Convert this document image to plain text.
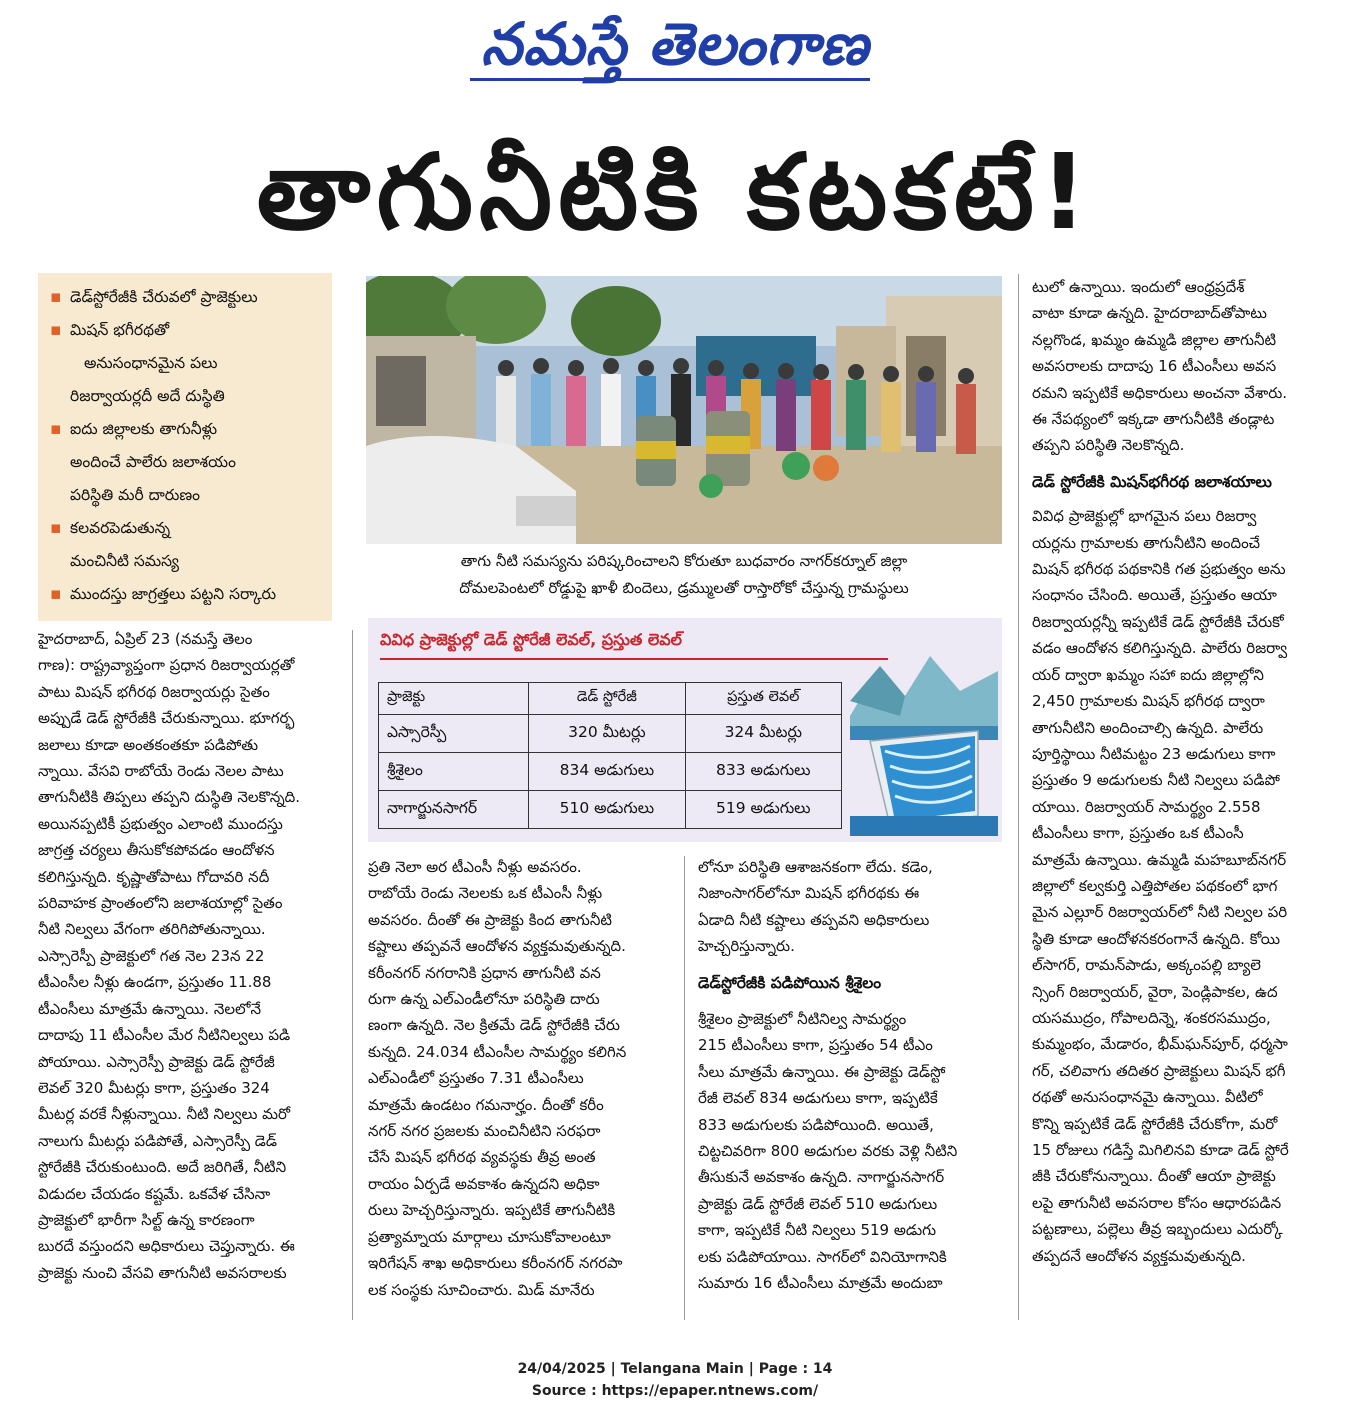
నమస్తే తెలంగాణ
తాగునీటికి కటకటే!
▪ డెడ్‌స్టోరేజీకి చేరువలో ప్రాజెక్టులు
▪ మిషన్‌ భగీరథతో
అనుసంధానమైన పలు
రిజర్వాయర్లదీ అదే దుస్థితి
▪ ఐదు జిల్లాలకు తాగునీళ్లు
అందించే పాలేరు జలాశయం
పరిస్థితి మరీ దారుణం
▪ కలవరపెడుతున్న
మంచినీటి సమస్య
▪ ముందస్తు జాగ్రత్తలు పట్టని సర్కారు
తాగు నీటి సమస్యను పరిష్కరించాలని కోరుతూ బుధవారం నాగర్‌కర్నూల్‌ జిల్లా
దోమలపెంటలో రోడ్డుపై ఖాళీ బిందెలు, డ్రమ్ములతో రాస్తారోకో చేస్తున్న గ్రామస్థులు
వివిధ ప్రాజెక్టుల్లో డెడ్‌ స్టోరేజీ లెవల్‌, ప్రస్తుత లెవల్‌
ప్రాజెక్టు	డెడ్‌ స్టోరేజీ	ప్రస్తుత లెవల్‌
ఎస్సారెస్పీ	320 మీటర్లు	324 మీటర్లు
శ్రీశైలం	834 అడుగులు	833 అడుగులు
నాగార్జునసాగర్‌	510 అడుగులు	519 అడుగులు
హైదరాబాద్‌, ఏప్రిల్‌ 23 (నమస్తే తెలం
గాణ): రాష్ట్రవ్యాప్తంగా ప్రధాన రిజర్వాయర్లతో
పాటు మిషన్‌ భగీరథ రిజర్వాయర్లు సైతం
అప్పుడే డెడ్‌ స్టోరేజీకి చేరుకున్నాయి. భూగర్భ
జలాలు కూడా అంతకంతకూ పడిపోతు
న్నాయి. వేసవి రాబోయే రెండు నెలల పాటు
తాగునీటికి తిప్పలు తప్పని దుస్థితి నెలకొన్నది.
అయినప్పటికీ ప్రభుత్వం ఎలాంటి ముందస్తు
జాగ్రత్త చర్యలు తీసుకోకపోవడం ఆందోళన
కలిగిస్తున్నది. కృష్ణాతోపాటు గోదావరి నదీ
పరివాహక ప్రాంతంలోని జలాశయాల్లో సైతం
నీటి నిల్వలు వేగంగా తరిగిపోతున్నాయి.
ఎస్సారెస్పీ ప్రాజెక్టులో గత నెల 23న 22
టీఎంసీల నీళ్లు ఉండగా, ప్రస్తుతం 11.88
టీఎంసీలు మాత్రమే ఉన్నాయి. నెలలోనే
దాదాపు 11 టీఎంసీల మేర నీటినిల్వలు పడి
పోయాయి. ఎస్సారెస్పీ ప్రాజెక్టు డెడ్‌ స్టోరేజీ
లెవల్‌ 320 మీటర్లు కాగా, ప్రస్తుతం 324
మీటర్ల వరకే నీళ్లున్నాయి. నీటి నిల్వలు మరో
నాలుగు మీటర్లు పడిపోతే, ఎస్సారెస్పీ డెడ్‌
స్టోరేజీకి చేరుకుంటుంది. అదే జరిగితే, నీటిని
విడుదల చేయడం కష్టమే. ఒకవేళ చేసినా
ప్రాజెక్టులో భారీగా సిల్ట్‌ ఉన్న కారణంగా
బురదే వస్తుందని అధికారులు చెప్తున్నారు. ఈ
ప్రాజెక్టు నుంచి వేసవి తాగునీటి అవసరాలకు
ప్రతి నెలా అర టీఎంసీ నీళ్లు అవసరం.
రాబోయే రెండు నెలలకు ఒక టీఎంసీ నీళ్లు
అవసరం. దీంతో ఈ ప్రాజెక్టు కింద తాగునీటి
కష్టాలు తప్పవనే ఆందోళన వ్యక్తమవుతున్నది.
కరీంనగర్‌ నగరానికి ప్రధాన తాగునీటి వన
రుగా ఉన్న ఎల్‌ఎండీలోనూ పరిస్థితి దారు
ణంగా ఉన్నది. నెల క్రితమే డెడ్‌ స్టోరేజీకి చేరు
కున్నది. 24.034 టీఎంసీల సామర్థ్యం కలిగిన
ఎల్‌ఎండీలో ప్రస్తుతం 7.31 టీఎంసీలు
మాత్రమే ఉండటం గమనార్హం. దీంతో కరీం
నగర్‌ నగర ప్రజలకు మంచినీటిని సరఫరా
చేసే మిషన్‌ భగీరథ వ్యవస్థకు తీవ్ర అంత
రాయం ఏర్పడే అవకాశం ఉన్నదని అధికా
రులు హెచ్చరిస్తున్నారు. ఇప్పటికే తాగునీటికి
ప్రత్యామ్నాయ మార్గాలు చూసుకోవాలంటూ
ఇరిగేషన్‌ శాఖ అధికారులు కరీంనగర్‌ నగరపా
లక సంస్థకు సూచించారు. మిడ్‌ మానేరు
లోనూ పరిస్థితి ఆశాజనకంగా లేదు. కడెం,
నిజాంసాగర్‌లోనూ మిషన్‌ భగీరథకు ఈ
ఏడాది నీటి కష్టాలు తప్పవని అధికారులు
హెచ్చరిస్తున్నారు.
డెడ్‌స్టోరేజీకి పడిపోయిన శ్రీశైలం
శ్రీశైలం ప్రాజెక్టులో నీటినిల్వ సామర్థ్యం
215 టీఎంసీలు కాగా, ప్రస్తుతం 54 టీఎం
సీలు మాత్రమే ఉన్నాయి. ఈ ప్రాజెక్టు డెడ్‌స్టో
రేజీ లెవల్‌ 834 అడుగులు కాగా, ఇప్పటికే
833 అడుగులకు పడిపోయింది. అయితే,
చిట్టచివరిగా 800 అడుగుల వరకు వెళ్లి నీటిని
తీసుకునే అవకాశం ఉన్నది. నాగార్జునసాగర్‌
ప్రాజెక్టు డెడ్‌ స్టోరేజీ లెవల్‌ 510 అడుగులు
కాగా, ఇప్పటికే నీటి నిల్వలు 519 అడుగు
లకు పడిపోయాయి. సాగర్‌లో వినియోగానికి
సుమారు 16 టీఎంసీలు మాత్రమే అందుబా
టులో ఉన్నాయి. ఇందులో ఆంధ్రప్రదేశ్‌
వాటా కూడా ఉన్నది. హైదరాబాద్‌తోపాటు
నల్లగొండ, ఖమ్మం ఉమ్మడి జిల్లాల తాగునీటి
అవసరాలకు దాదాపు 16 టీఎంసీలు అవస
రమని ఇప్పటికే అధికారులు అంచనా వేశారు.
ఈ నేపథ్యంలో ఇక్కడా తాగునీటికి తండ్లాట
తప్పని పరిస్థితి నెలకొన్నది.
డెడ్‌ స్టోరేజీకి మిషన్‌భగీరథ జలాశయాలు
వివిధ ప్రాజెక్టుల్లో భాగమైన పలు రిజర్వా
యర్లను గ్రామాలకు తాగునీటిని అందించే
మిషన్‌ భగీరథ పథకానికి గత ప్రభుత్వం అను
సంధానం చేసింది. అయితే, ప్రస్తుతం ఆయా
రిజర్వాయర్లన్నీ ఇప్పటికే డెడ్‌ స్టోరేజీకి చేరుకో
వడం ఆందోళన కలిగిస్తున్నది. పాలేరు రిజర్వా
యర్‌ ద్వారా ఖమ్మం సహా ఐదు జిల్లాల్లోని
2,450 గ్రామాలకు మిషన్‌ భగీరథ ద్వారా
తాగునీటిని అందించాల్సి ఉన్నది. పాలేరు
పూర్తిస్థాయి నీటిమట్టం 23 అడుగులు కాగా
ప్రస్తుతం 9 అడుగులకు నీటి నిల్వలు పడిపో
యాయి. రిజర్వాయర్‌ సామర్థ్యం 2.558
టీఎంసీలు కాగా, ప్రస్తుతం ఒక టీఎంసీ
మాత్రమే ఉన్నాయి. ఉమ్మడి మహబూబ్‌నగర్‌
జిల్లాలో కల్వకుర్తి ఎత్తిపోతల పథకంలో భాగ
మైన ఎల్లూర్‌ రిజర్వాయర్‌లో నీటి నిల్వల పరి
స్థితి కూడా ఆందోళనకరంగానే ఉన్నది. కోయి
ల్‌సాగర్‌, రామన్‌పాడు, అక్కంపల్లి బ్యాలె
న్సింగ్‌ రిజర్వాయర్‌, వైరా, పెండ్లిపాకల, ఉద
యసముద్రం, గోపాలదిన్నె, శంకరసముద్రం,
కుమ్మంభం, మేడారం, భీమ్‌ఘన్‌పూర్‌, ధర్మసా
గర్‌, చలివాగు తదితర ప్రాజెక్టులు మిషన్‌ భగీ
రథతో అనుసంధానమై ఉన్నాయి. వీటిలో
కొన్ని ఇప్పటికే డెడ్‌ స్టోరేజీకి చేరుకోగా, మరో
15 రోజులు గడిస్తే మిగిలినవి కూడా డెడ్‌ స్టోరే
జీకి చేరుకోనున్నాయి. దీంతో ఆయా ప్రాజెక్టు
లపై తాగునీటి అవసరాల కోసం ఆధారపడిన
పట్టణాలు, పల్లెలు తీవ్ర ఇబ్బందులు ఎదుర్కో
తప్పదనే ఆందోళన వ్యక్తమవుతున్నది.
24/04/2025 | Telangana Main | Page : 14
Source : https://epaper.ntnews.com/
